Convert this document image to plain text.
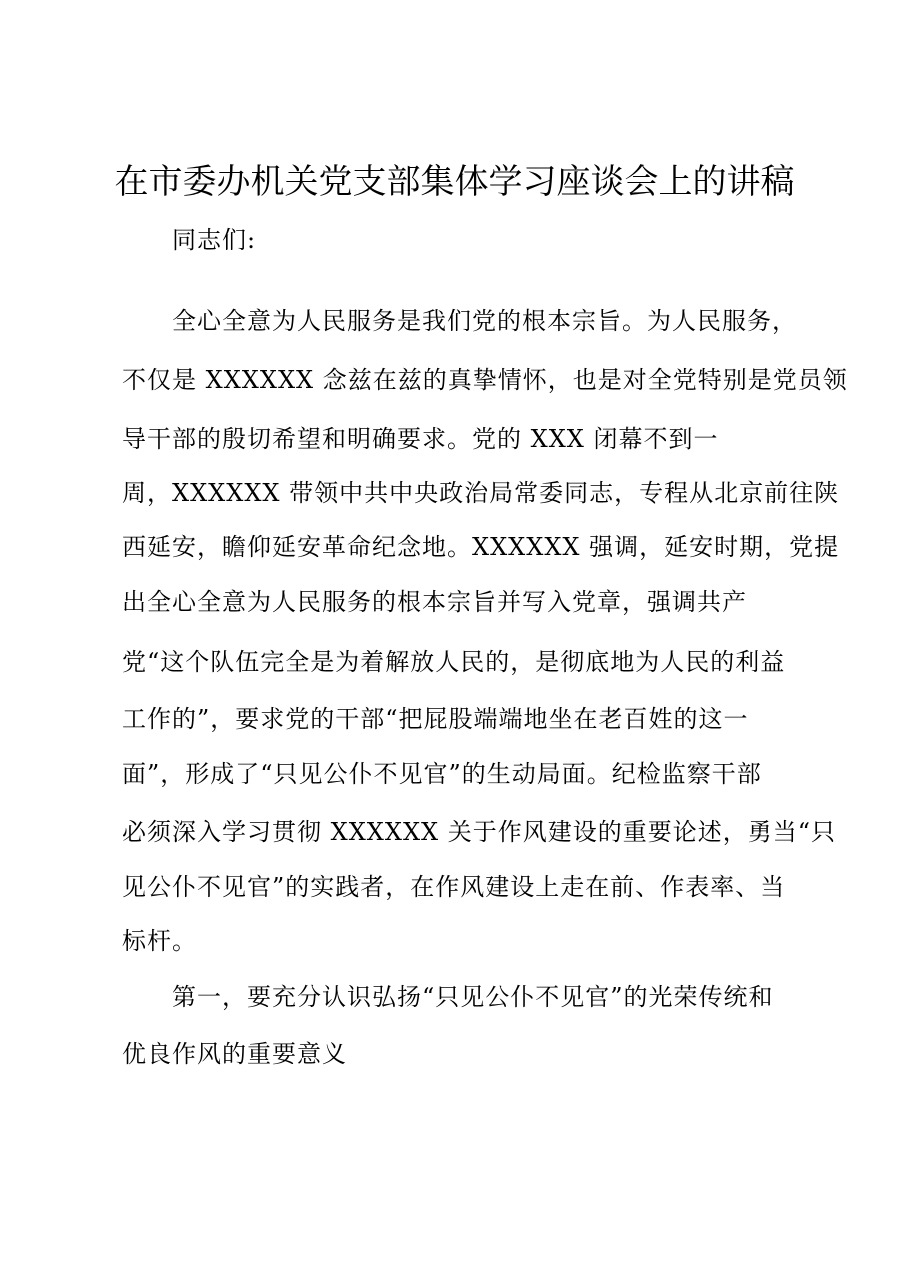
在市委办机关党支部集体学习座谈会上的讲稿
同志们:
全心全意为人民服务是我们党的根本宗旨。为人民服务，
不仅是 XXXXXX 念兹在兹的真挚情怀，也是对全党特别是党员领
导干部的殷切希望和明确要求。党的 XXX 闭幕不到一
周，XXXXXX 带领中共中央政治局常委同志，专程从北京前往陕
西延安，瞻仰延安革命纪念地。XXXXXX 强调，延安时期，党提
出全心全意为人民服务的根本宗旨并写入党章，强调共产
党“这个队伍完全是为着解放人民的，是彻底地为人民的利益
工作的”，要求党的干部“把屁股端端地坐在老百姓的这一
面”，形成了“只见公仆不见官”的生动局面。纪检监察干部
必须深入学习贯彻 XXXXXX 关于作风建设的重要论述，勇当“只
见公仆不见官”的实践者，在作风建设上走在前、作表率、当
标杆。
第一，要充分认识弘扬“只见公仆不见官”的光荣传统和
优良作风的重要意义
